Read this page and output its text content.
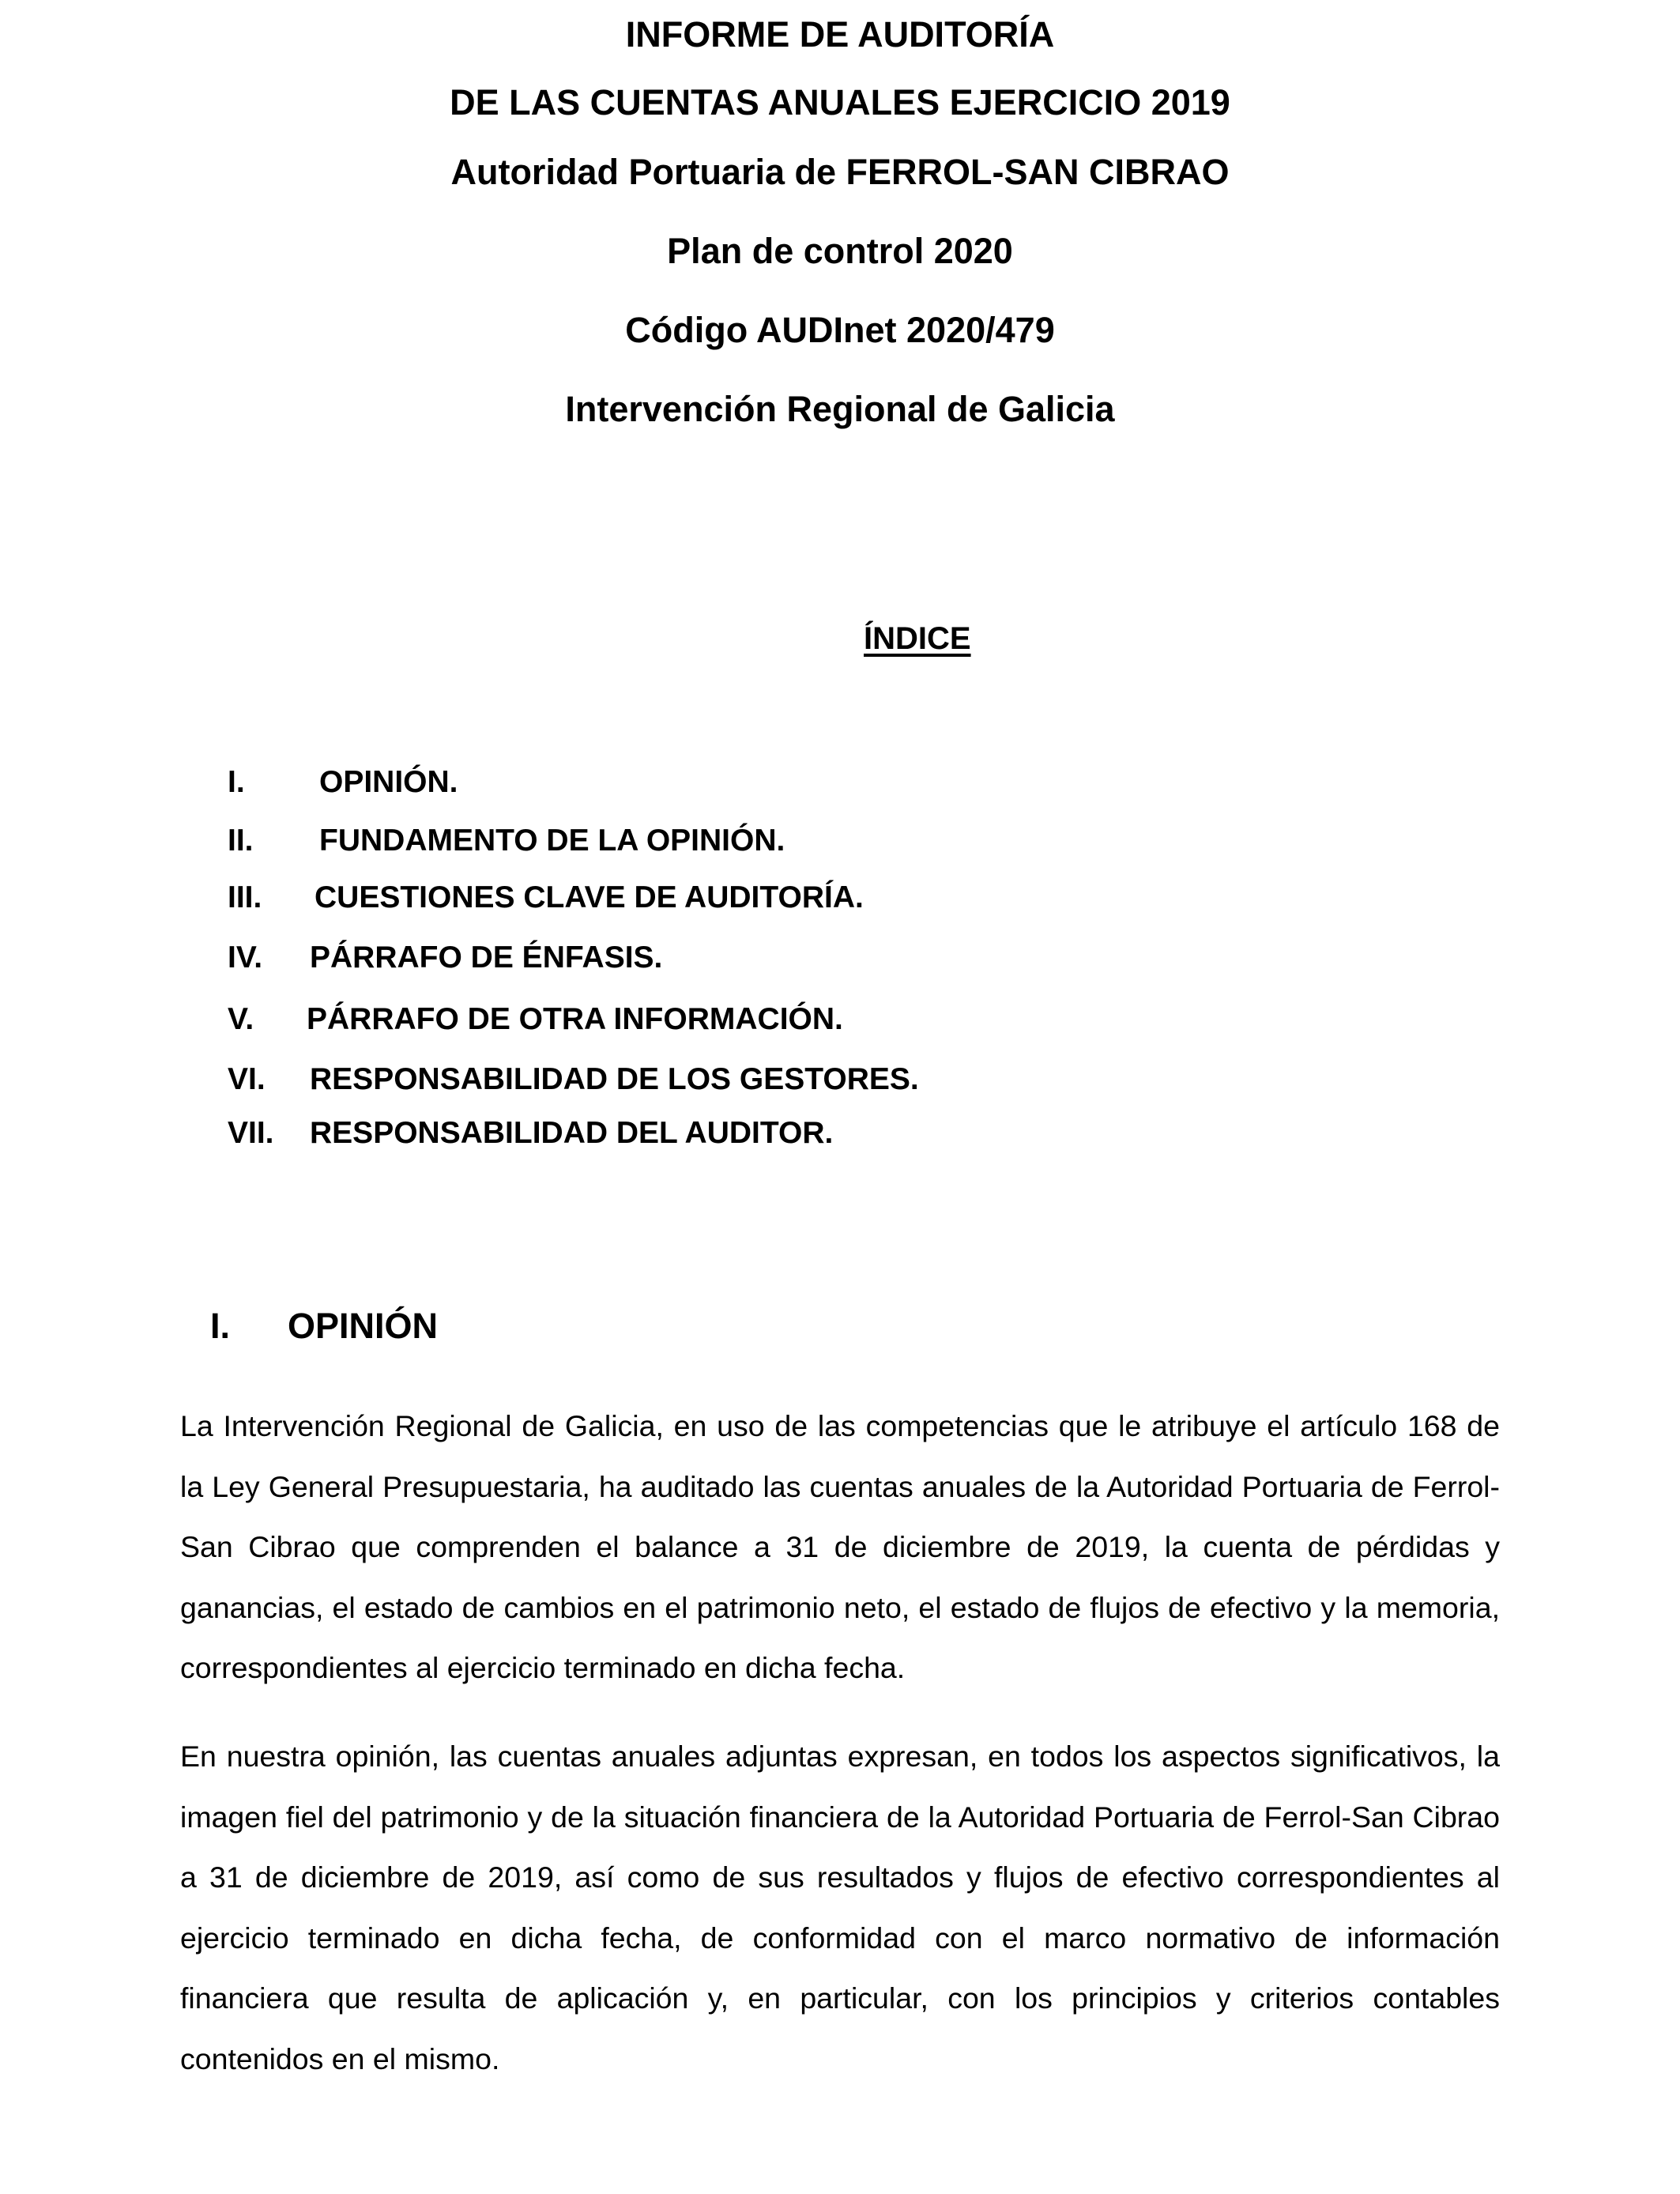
INFORME DE AUDITORÍA
DE LAS CUENTAS ANUALES EJERCICIO 2019
Autoridad Portuaria de FERROL-SAN CIBRAO
Plan de control 2020
Código AUDInet 2020/479
Intervención Regional de Galicia
ÍNDICE
I. OPINIÓN.
II. FUNDAMENTO DE LA OPINIÓN.
III. CUESTIONES CLAVE DE AUDITORÍA.
IV. PÁRRAFO DE ÉNFASIS.
V. PÁRRAFO DE OTRA INFORMACIÓN.
VI. RESPONSABILIDAD DE LOS GESTORES.
VII. RESPONSABILIDAD DEL AUDITOR.
I. OPINIÓN

La Intervención Regional de Galicia, en uso de las competencias que le atribuye el artículo 168 de la Ley General Presupuestaria, ha auditado las cuentas anuales de la Autoridad Portuaria de Ferrol-San Cibrao que comprenden el balance a 31 de diciembre de 2019, la cuenta de pérdidas y ganancias, el estado de cambios en el patrimonio neto, el estado de flujos de efectivo y la memoria, correspondientes al ejercicio terminado en dicha fecha.

En nuestra opinión, las cuentas anuales adjuntas expresan, en todos los aspectos significativos, la imagen fiel del patrimonio y de la situación financiera de la Autoridad Portuaria de Ferrol-San Cibrao a 31 de diciembre de 2019, así como de sus resultados y flujos de efectivo correspondientes al ejercicio terminado en dicha fecha, de conformidad con el marco normativo de información financiera que resulta de aplicación y, en particular, con los principios y criterios contables contenidos en el mismo.
